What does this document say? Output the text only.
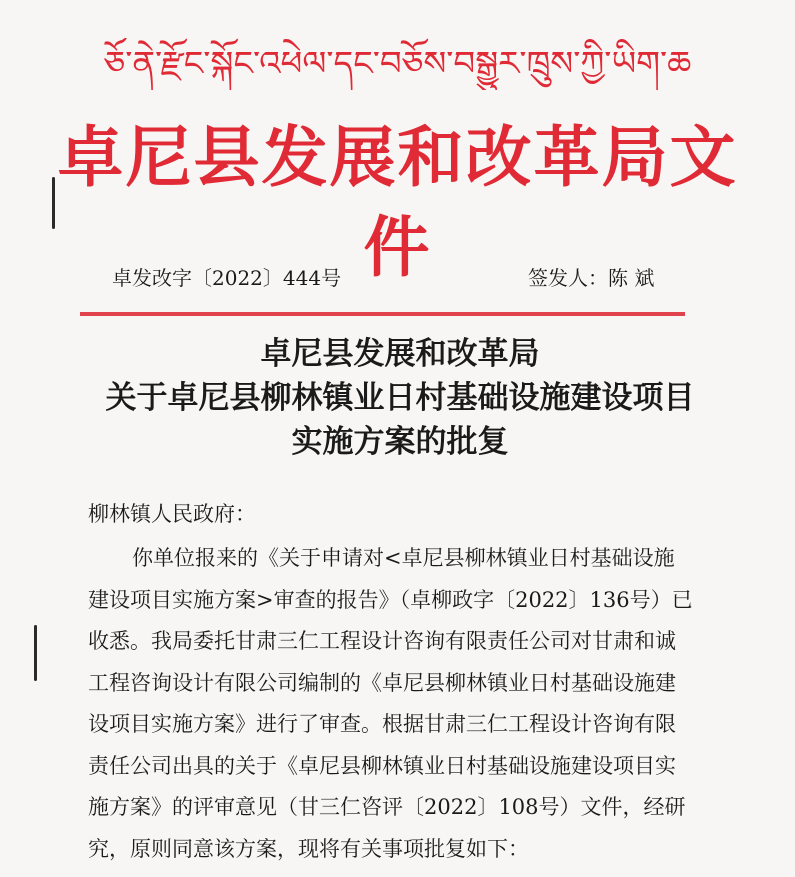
ཅོ་ནེ་རྫོང་སྐོང་འཕེལ་དང་བཅོས་བསྒྱུར་ཁྲུས་ཀྱི་ཡིག་ཆ
卓尼县发展和改革局文件
卓发改字〔2022〕444号	签发人：陈 斌
卓尼县发展和改革局
关于卓尼县柳林镇业日村基础设施建设项目
实施方案的批复
柳林镇人民政府：
你单位报来的《关于申请对<卓尼县柳林镇业日村基础设施
建设项目实施方案>审查的报告》（卓柳政字〔2022〕136号）已
收悉。我局委托甘肃三仁工程设计咨询有限责任公司对甘肃和诚
工程咨询设计有限公司编制的《卓尼县柳林镇业日村基础设施建
设项目实施方案》进行了审查。根据甘肃三仁工程设计咨询有限
责任公司出具的关于《卓尼县柳林镇业日村基础设施建设项目实
施方案》的评审意见（甘三仁咨评〔2022〕108号）文件，经研
究，原则同意该方案，现将有关事项批复如下：
